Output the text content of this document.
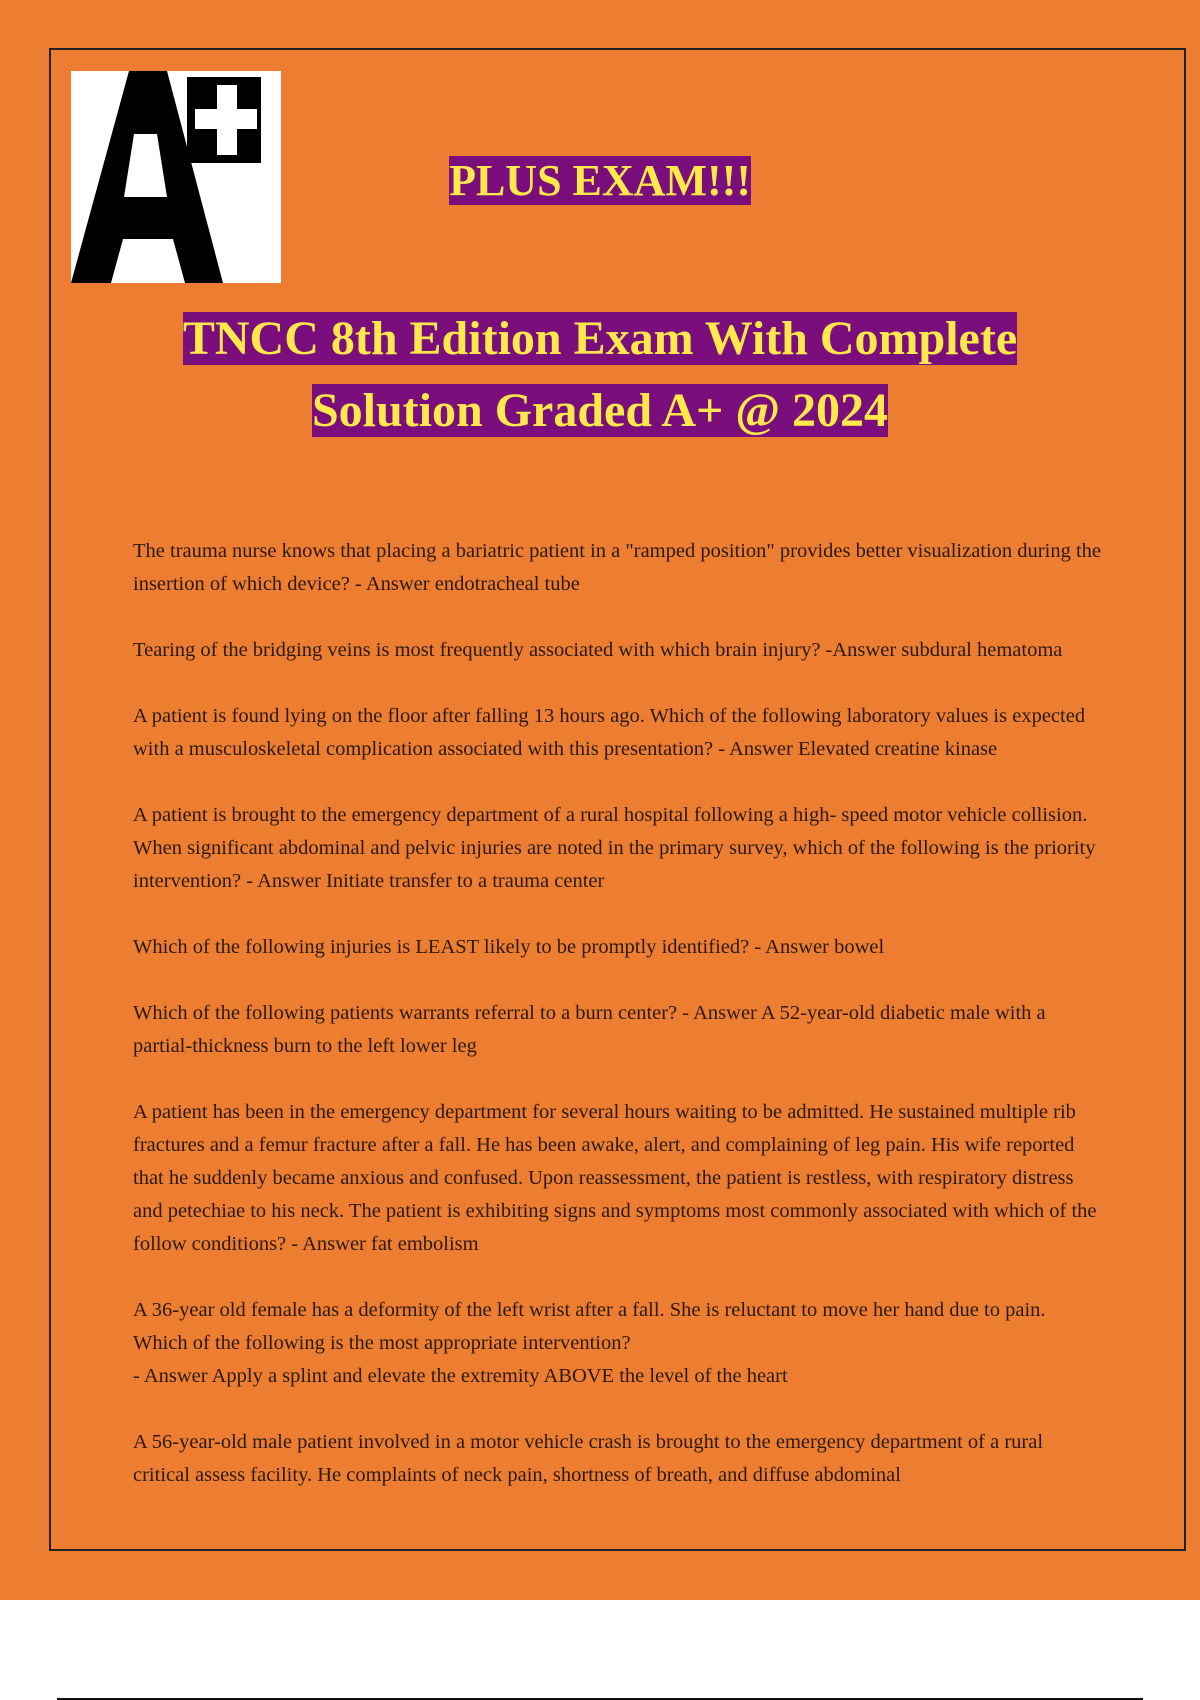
PLUS EXAM!!!
TNCC 8th Edition Exam With Complete
Solution Graded A+ @ 2024

The trauma nurse knows that placing a bariatric patient in a "ramped position" provides better visualization during the insertion of which device? - Answer endotracheal tube

Tearing of the bridging veins is most frequently associated with which brain injury? -Answer subdural hematoma

A patient is found lying on the floor after falling 13 hours ago. Which of the following laboratory values is expected with a musculoskeletal complication associated with this presentation? - Answer Elevated creatine kinase

A patient is brought to the emergency department of a rural hospital following a high- speed motor vehicle collision. When significant abdominal and pelvic injuries are noted in the primary survey, which of the following is the priority intervention? - Answer Initiate transfer to a trauma center

Which of the following injuries is LEAST likely to be promptly identified? - Answer bowel

Which of the following patients warrants referral to a burn center? - Answer A 52-year-old diabetic male with a partial-thickness burn to the left lower leg

A patient has been in the emergency department for several hours waiting to be admitted. He sustained multiple rib fractures and a femur fracture after a fall. He has been awake, alert, and complaining of leg pain. His wife reported that he suddenly became anxious and confused. Upon reassessment, the patient is restless, with respiratory distress and petechiae to his neck. The patient is exhibiting signs and symptoms most commonly associated with which of the follow conditions? - Answer fat embolism

A 36-year old female has a deformity of the left wrist after a fall. She is reluctant to move her hand due to pain. Which of the following is the most appropriate intervention?
- Answer Apply a splint and elevate the extremity ABOVE the level of the heart

A 56-year-old male patient involved in a motor vehicle crash is brought to the emergency department of a rural critical assess facility. He complaints of neck pain, shortness of breath, and diffuse abdominal
